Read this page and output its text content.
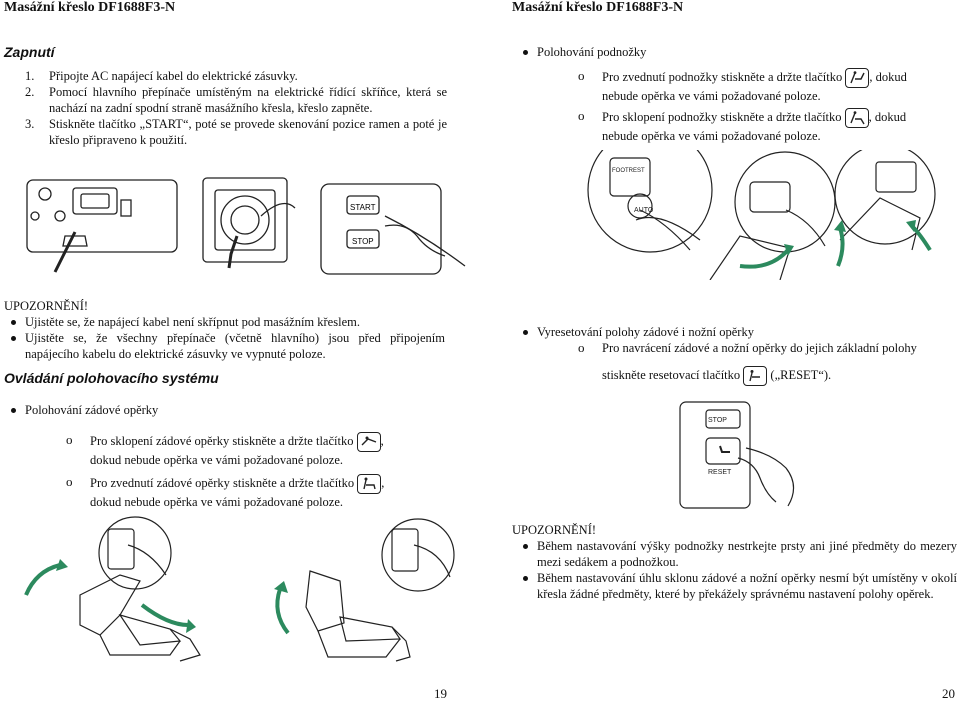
Masážní křeslo DF1688F3-N	Masážní křeslo DF1688F3-N
Zapnutí
1. Připojte AC napájecí kabel do elektrické zásuvky.
2. Pomocí hlavního přepínače umístěným na elektrické řídící skříňce, která se nachází na zadní spodní straně masážního křesla, křeslo zapněte.
3. Stiskněte tlačítko „START“, poté se provede skenování pozice ramen a poté je křeslo připraveno k použití.
START
STOP
UPOZORNĚNÍ!
Ujistěte se, že napájecí kabel není skřípnut pod masážním křeslem.
Ujistěte se, že všechny přepínače (včetně hlavního) jsou před připojením napájecího kabelu do elektrické zásuvky ve vypnuté poloze.
Ovládání polohovacího systému
Polohování zádové opěrky
o Pro sklopení zádové opěrky stiskněte a držte tlačítko ,
dokud nebude opěrka ve vámi požadované poloze.
o Pro zvednutí zádové opěrky stiskněte a držte tlačítko ,
dokud nebude opěrka ve vámi požadované poloze.
19
Polohování podnožky
o Pro zvednutí podnožky stiskněte a držte tlačítko , dokud
nebude opěrka ve vámi požadované poloze.
o Pro sklopení podnožky stiskněte a držte tlačítko , dokud
nebude opěrka ve vámi požadované poloze.
FOOTREST
AUTO
Vyresetování polohy zádové i nožní opěrky
o Pro navrácení zádové a nožní opěrky do jejich základní polohy
stiskněte resetovací tlačítko („RESET“).
STOP
RESET
UPOZORNĚNÍ!
Během nastavování výšky podnožky nestrkejte prsty ani jiné předměty do mezery mezi sedákem a podnožkou.
Během nastavování úhlu sklonu zádové a nožní opěrky nesmí být umístěny v okolí křesla žádné předměty, které by překážely správnému nastavení polohy opěrek.
20
